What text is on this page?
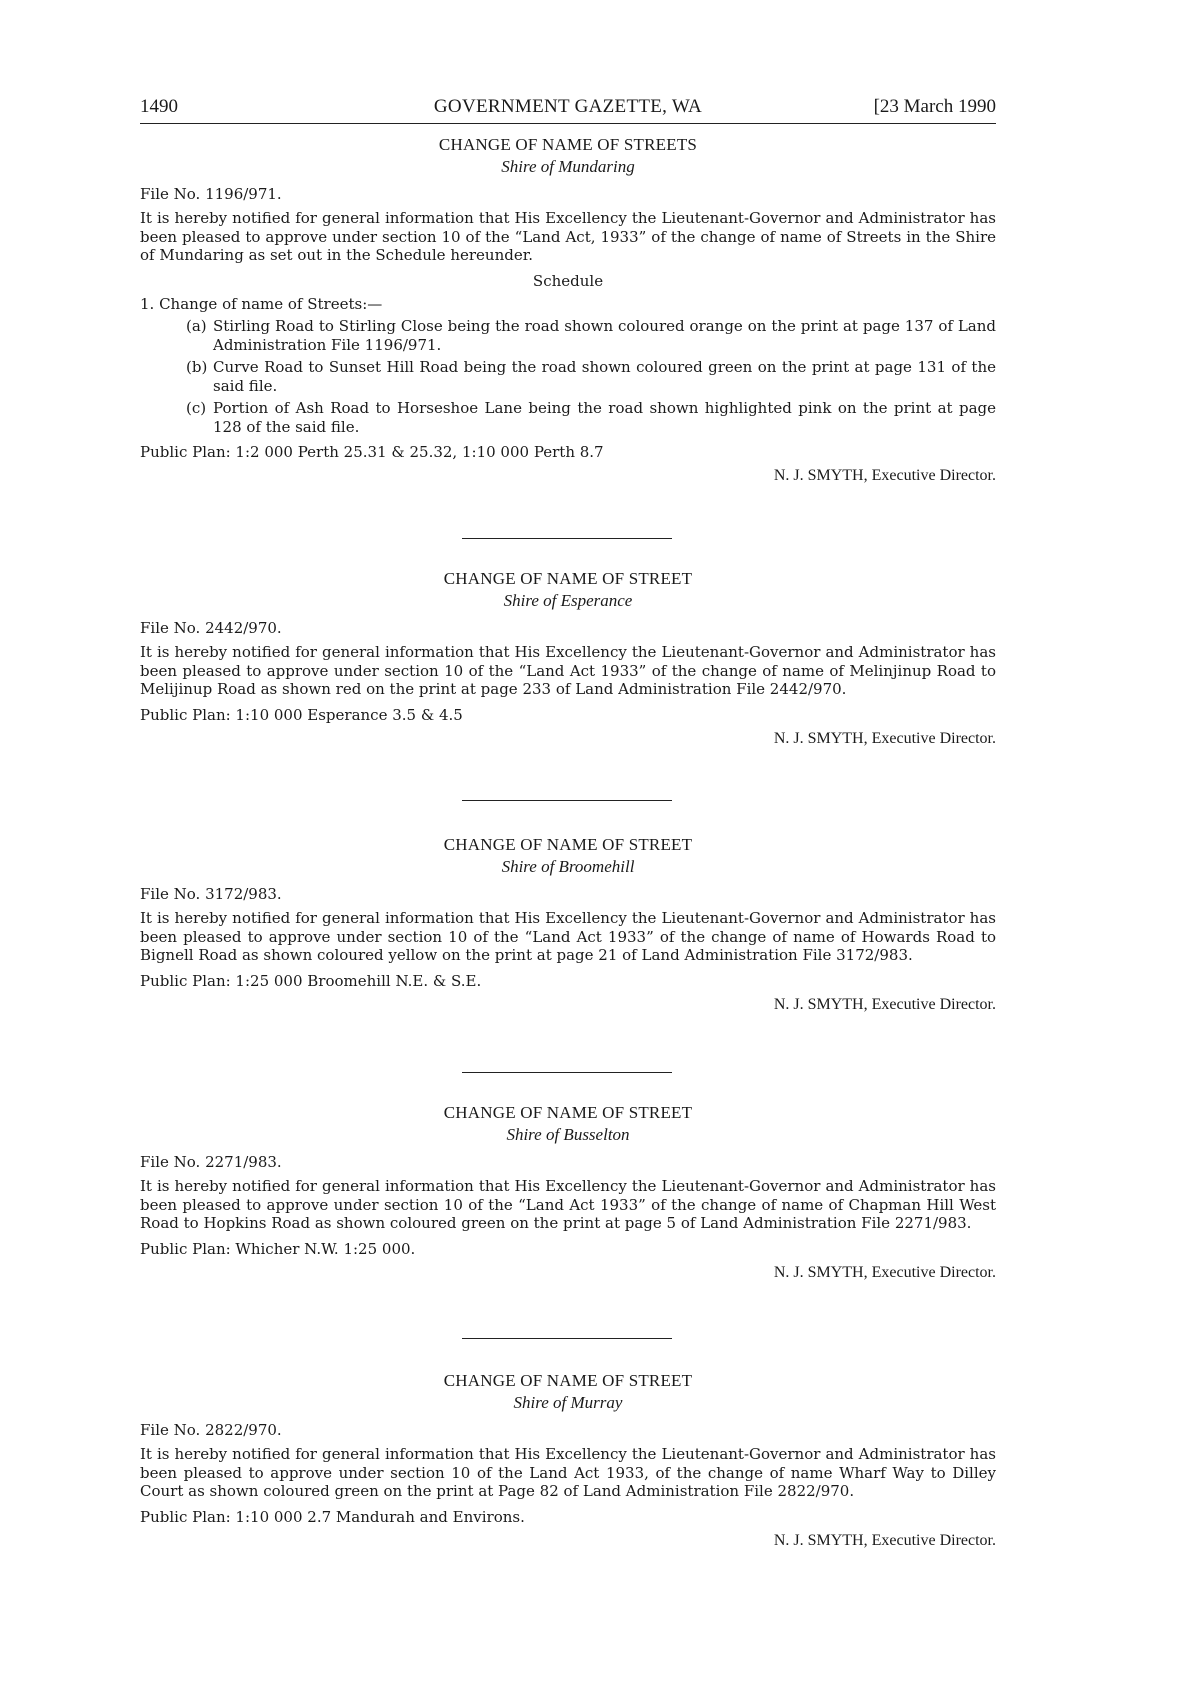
1490	GOVERNMENT GAZETTE, WA	[23 March 1990
CHANGE OF NAME OF STREETS
Shire of Mundaring
File No. 1196/971.
It is hereby notified for general information that His Excellency the Lieutenant-Governor and Administrator has been pleased to approve under section 10 of the “Land Act, 1933” of the change of name of Streets in the Shire of Mundaring as set out in the Schedule hereunder.
Schedule
1. Change of name of Streets:—
(a) Stirling Road to Stirling Close being the road shown coloured orange on the print at page 137 of Land Administration File 1196/971.
(b) Curve Road to Sunset Hill Road being the road shown coloured green on the print at page 131 of the said file.
(c) Portion of Ash Road to Horseshoe Lane being the road shown highlighted pink on the print at page 128 of the said file.
Public Plan: 1:2 000 Perth 25.31 & 25.32, 1:10 000 Perth 8.7
N. J. SMYTH, Executive Director.
CHANGE OF NAME OF STREET
Shire of Esperance
File No. 2442/970.
It is hereby notified for general information that His Excellency the Lieutenant-Governor and Administrator has been pleased to approve under section 10 of the “Land Act 1933” of the change of name of Melinjinup Road to Melijinup Road as shown red on the print at page 233 of Land Administration File 2442/970.
Public Plan: 1:10 000 Esperance 3.5 & 4.5
N. J. SMYTH, Executive Director.
CHANGE OF NAME OF STREET
Shire of Broomehill
File No. 3172/983.
It is hereby notified for general information that His Excellency the Lieutenant-Governor and Administrator has been pleased to approve under section 10 of the “Land Act 1933” of the change of name of Howards Road to Bignell Road as shown coloured yellow on the print at page 21 of Land Administration File 3172/983.
Public Plan: 1:25 000 Broomehill N.E. & S.E.
N. J. SMYTH, Executive Director.
CHANGE OF NAME OF STREET
Shire of Busselton
File No. 2271/983.
It is hereby notified for general information that His Excellency the Lieutenant-Governor and Administrator has been pleased to approve under section 10 of the “Land Act 1933” of the change of name of Chapman Hill West Road to Hopkins Road as shown coloured green on the print at page 5 of Land Administration File 2271/983.
Public Plan: Whicher N.W. 1:25 000.
N. J. SMYTH, Executive Director.
CHANGE OF NAME OF STREET
Shire of Murray
File No. 2822/970.
It is hereby notified for general information that His Excellency the Lieutenant-Governor and Administrator has been pleased to approve under section 10 of the Land Act 1933, of the change of name Wharf Way to Dilley Court as shown coloured green on the print at Page 82 of Land Administration File 2822/970.
Public Plan: 1:10 000 2.7 Mandurah and Environs.
N. J. SMYTH, Executive Director.
